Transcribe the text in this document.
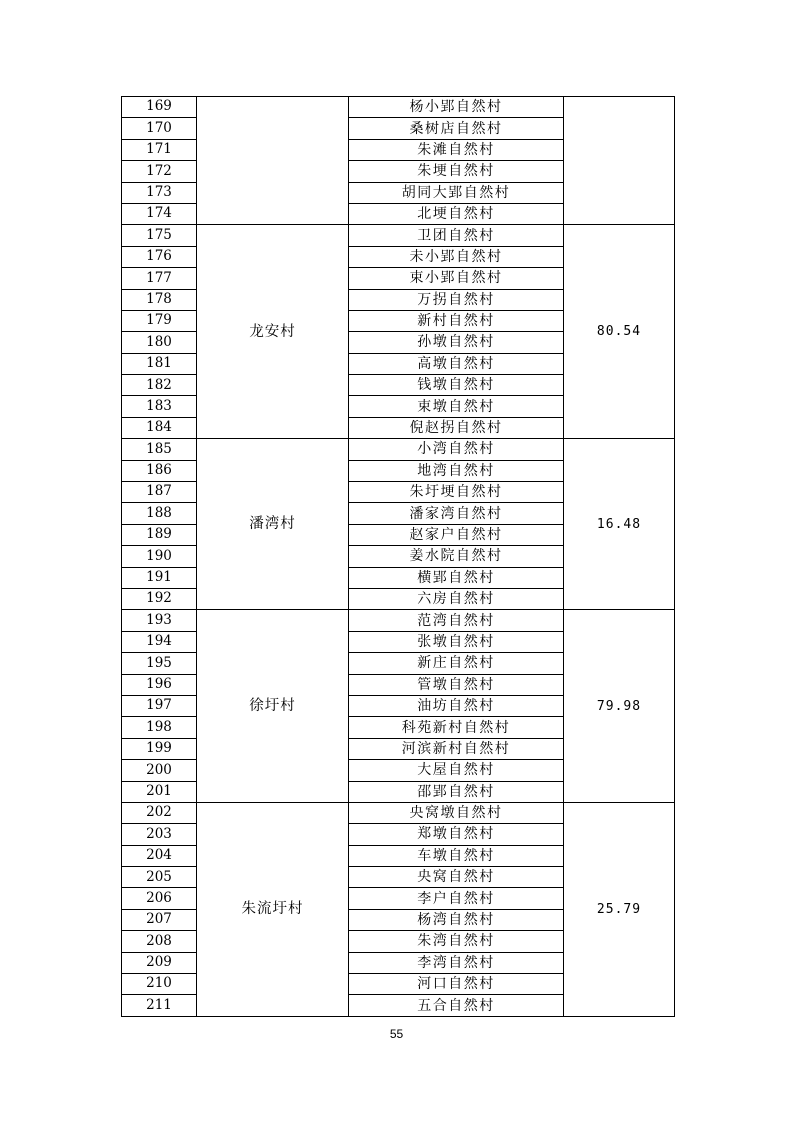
169		杨小郢自然村	
170		桑树店自然村	
171		朱滩自然村	
172		朱埂自然村	
173		胡同大郢自然村	
174		北埂自然村	
175	龙安村	卫团自然村	80.54
176		未小郢自然村	
177		束小郢自然村	
178		万拐自然村	
179		新村自然村	
180		孙墩自然村	
181		高墩自然村	
182		钱墩自然村	
183		束墩自然村	
184		倪赵拐自然村	
185	潘湾村	小湾自然村	16.48
186		地湾自然村	
187		朱圩埂自然村	
188		潘家湾自然村	
189		赵家户自然村	
190		姜水院自然村	
191		横郢自然村	
192		六房自然村	
193	徐圩村	范湾自然村	79.98
194		张墩自然村	
195		新庄自然村	
196		管墩自然村	
197		油坊自然村	
198		科苑新村自然村	
199		河滨新村自然村	
200		大屋自然村	
201		邵郢自然村	
202	朱流圩村	央窝墩自然村	25.79
203		郑墩自然村	
204		车墩自然村	
205		央窝自然村	
206		李户自然村	
207		杨湾自然村	
208		朱湾自然村	
209		李湾自然村	
210		河口自然村	
211		五合自然村	
55
